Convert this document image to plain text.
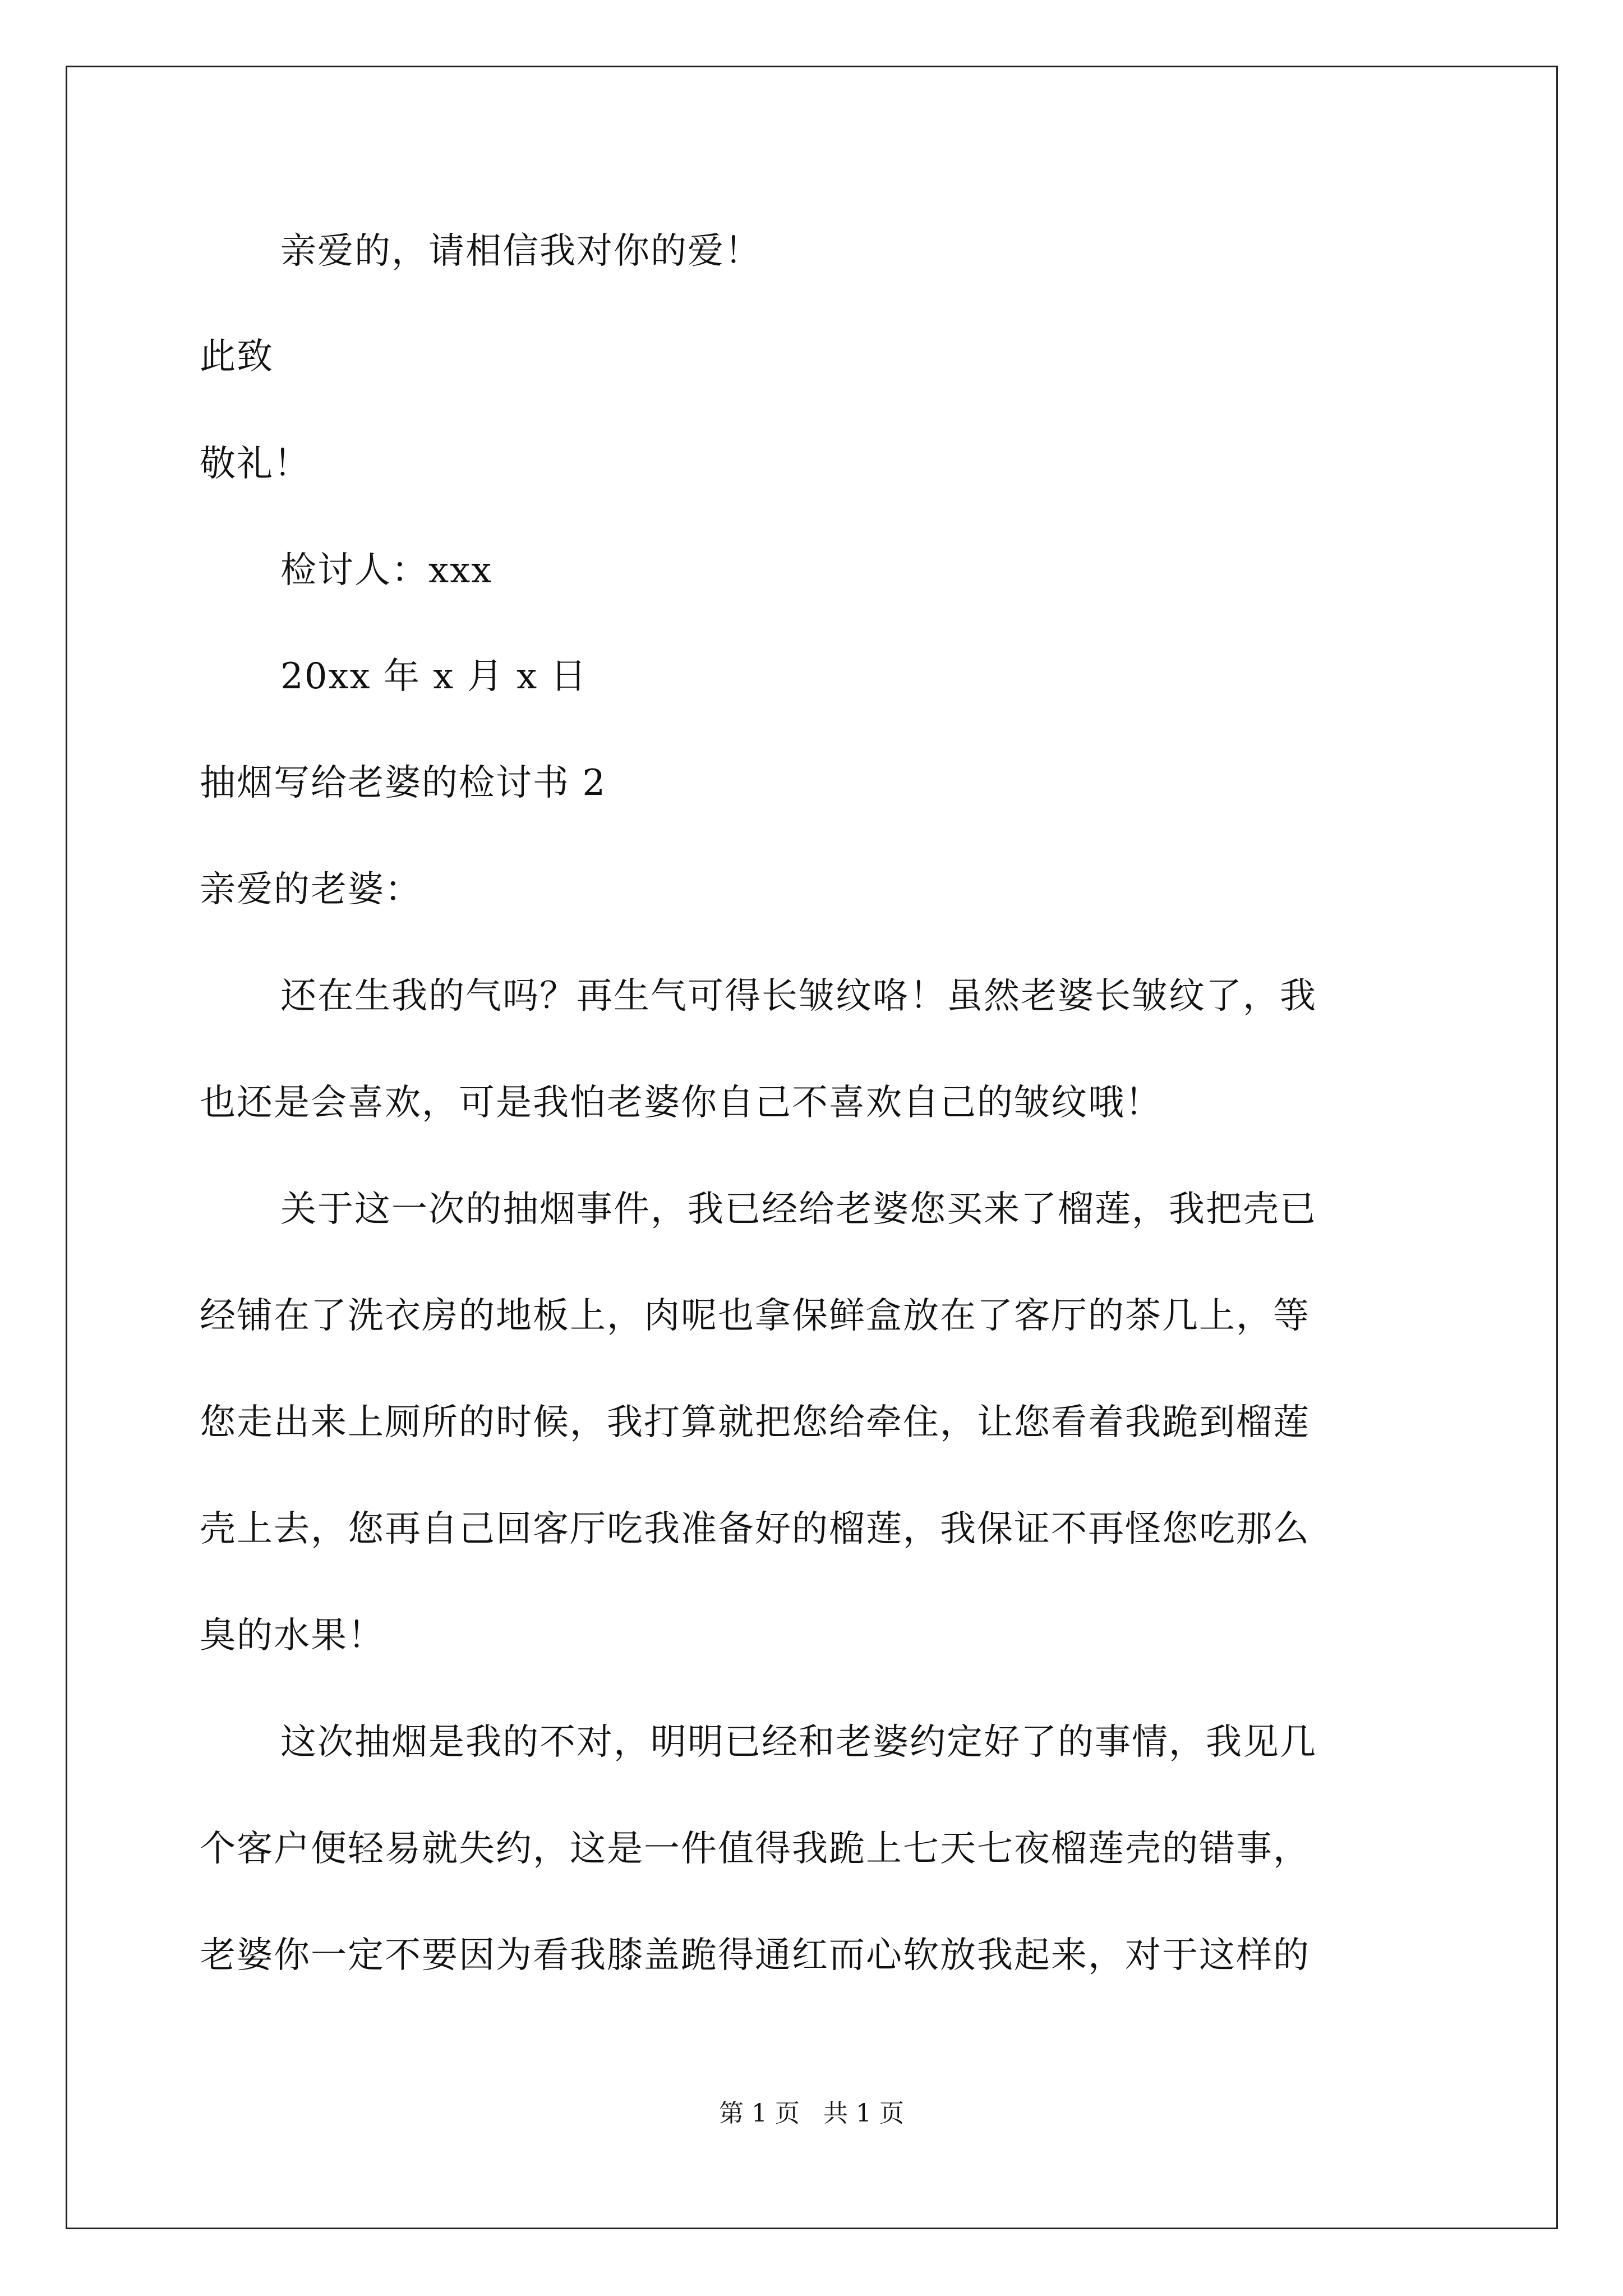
亲爱的，请相信我对你的爱！
此致
敬礼！
检讨人：xxx
20xx 年 x 月 x 日
抽烟写给老婆的检讨书 2
亲爱的老婆：
还在生我的气吗？再生气可得长皱纹咯！虽然老婆长皱纹了，我
也还是会喜欢，可是我怕老婆你自己不喜欢自己的皱纹哦！
关于这一次的抽烟事件，我已经给老婆您买来了榴莲，我把壳已
经铺在了洗衣房的地板上，肉呢也拿保鲜盒放在了客厅的茶几上，等
您走出来上厕所的时候，我打算就把您给牵住，让您看着我跪到榴莲
壳上去，您再自己回客厅吃我准备好的榴莲，我保证不再怪您吃那么
臭的水果！
这次抽烟是我的不对，明明已经和老婆约定好了的事情，我见几
个客户便轻易就失约，这是一件值得我跪上七天七夜榴莲壳的错事，
老婆你一定不要因为看我膝盖跪得通红而心软放我起来，对于这样的
第 1 页   共 1 页
